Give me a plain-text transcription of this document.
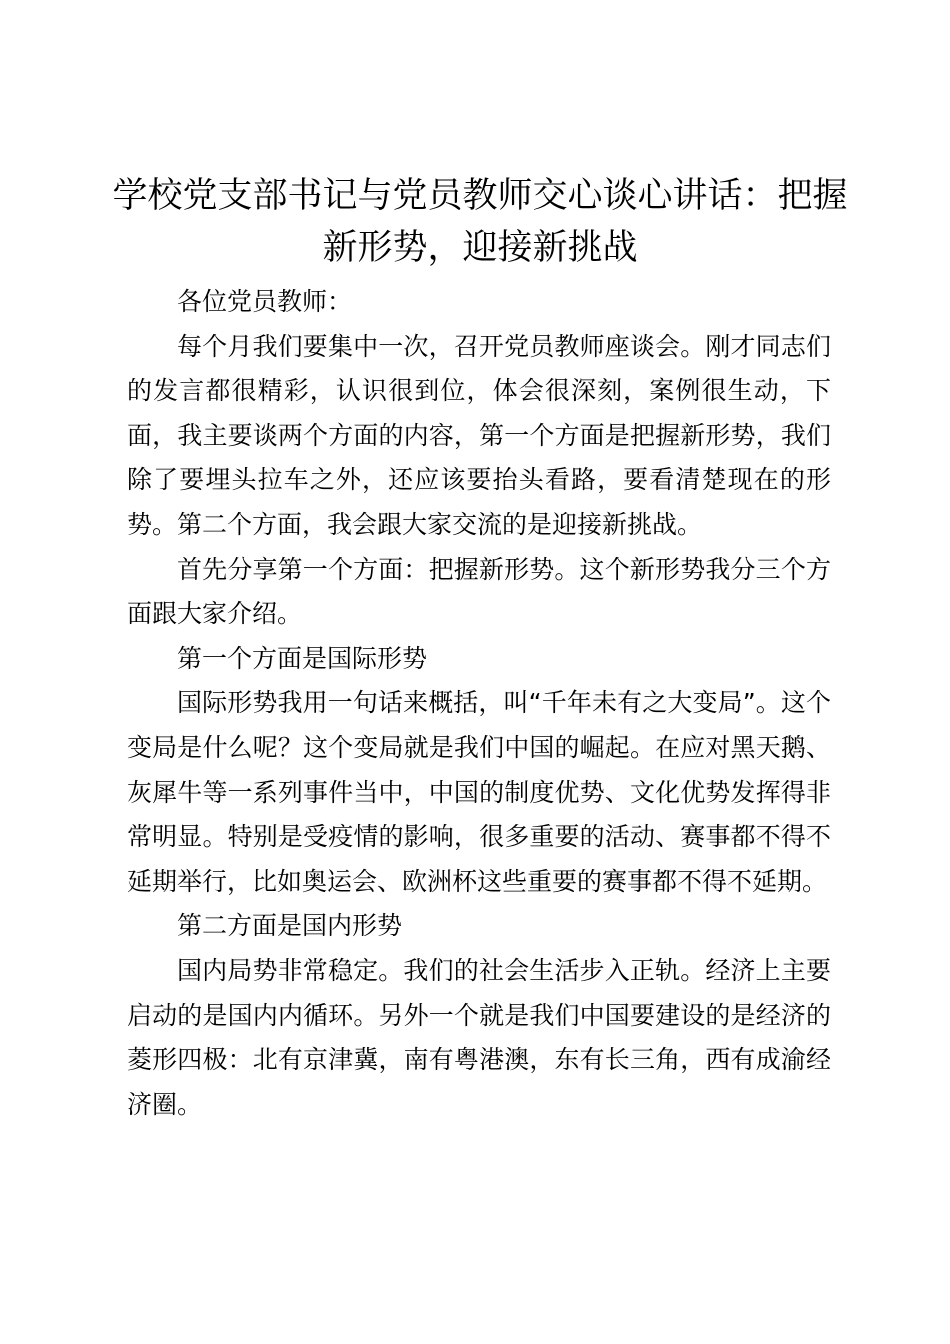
学校党支部书记与党员教师交心谈心讲话：把握新形势，迎接新挑战

各位党员教师：

每个月我们要集中一次，召开党员教师座谈会。刚才同志们的发言都很精彩，认识很到位，体会很深刻，案例很生动，下面，我主要谈两个方面的内容，第一个方面是把握新形势，我们除了要埋头拉车之外，还应该要抬头看路，要看清楚现在的形势。第二个方面，我会跟大家交流的是迎接新挑战。

首先分享第一个方面：把握新形势。这个新形势我分三个方面跟大家介绍。

第一个方面是国际形势

国际形势我用一句话来概括，叫“千年未有之大变局”。这个变局是什么呢？这个变局就是我们中国的崛起。在应对黑天鹅、灰犀牛等一系列事件当中，中国的制度优势、文化优势发挥得非常明显。特别是受疫情的影响，很多重要的活动、赛事都不得不延期举行，比如奥运会、欧洲杯这些重要的赛事都不得不延期。

第二方面是国内形势

国内局势非常稳定。我们的社会生活步入正轨。经济上主要启动的是国内内循环。另外一个就是我们中国要建设的是经济的菱形四极：北有京津冀，南有粤港澳，东有长三角，西有成渝经济圈。
